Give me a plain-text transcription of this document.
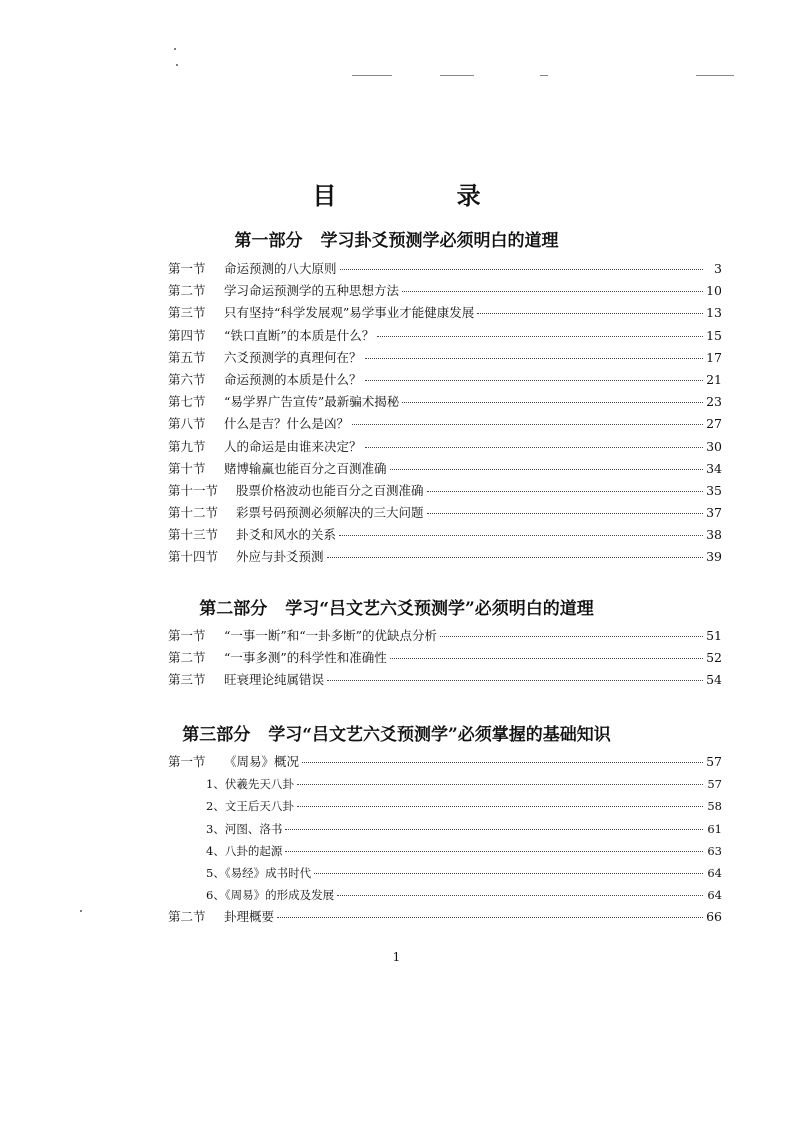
目 录
第一部分 学习卦爻预测学必须明白的道理
第一节	命运预测的八大原则	3
第二节	学习命运预测学的五种思想方法	10
第三节	只有坚持“科学发展观”易学事业才能健康发展	13
第四节	“铁口直断”的本质是什么？	15
第五节	六爻预测学的真理何在？	17
第六节	命运预测的本质是什么？	21
第七节	“易学界广告宣传”最新骗术揭秘	23
第八节	什么是吉？什么是凶？	27
第九节	人的命运是由谁来决定？	30
第十节	赌博输赢也能百分之百测准确	34
第十一节	股票价格波动也能百分之百测准确	35
第十二节	彩票号码预测必须解决的三大问题	37
第十三节	卦爻和风水的关系	38
第十四节	外应与卦爻预测	39
第二部分 学习“吕文艺六爻预测学”必须明白的道理
第一节	“一事一断”和“一卦多断”的优缺点分析	51
第二节	“一事多测”的科学性和准确性	52
第三节	旺衰理论纯属错误	54
第三部分 学习“吕文艺六爻预测学”必须掌握的基础知识
第一节	《周易》概况	57
1、伏羲先天八卦	57
2、文王后天八卦	58
3、河图、洛书	61
4、八卦的起源	63
5、《易经》成书时代	64
6、《周易》的形成及发展	64
第二节	卦理概要	66
1
